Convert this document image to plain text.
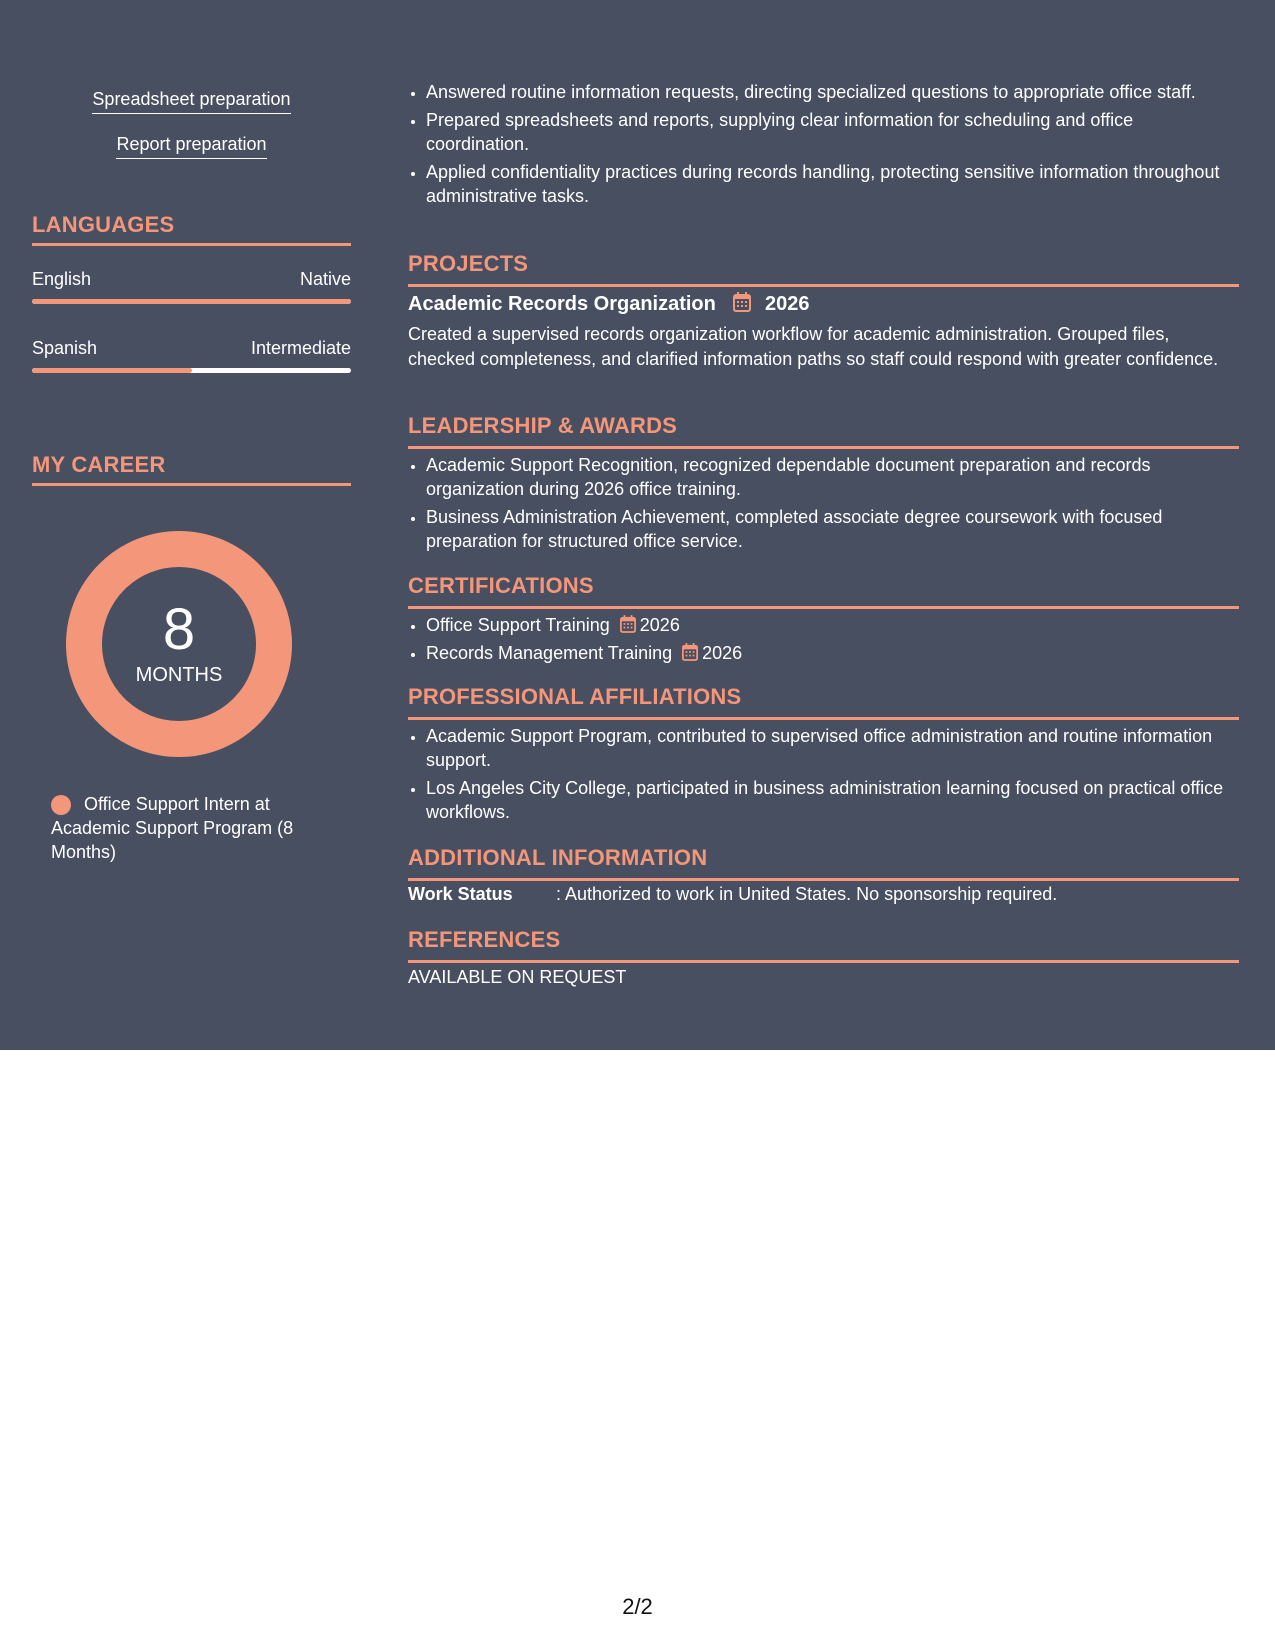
Spreadsheet preparation
Report preparation
LANGUAGES
English	Native
Spanish	Intermediate
MY CAREER
8
MONTHS
Office Support Intern at Academic Support Program (8 Months)
• Answered routine information requests, directing specialized questions to appropriate office staff.
• Prepared spreadsheets and reports, supplying clear information for scheduling and office coordination.
• Applied confidentiality practices during records handling, protecting sensitive information throughout administrative tasks.
PROJECTS
Academic Records Organization 2026
Created a supervised records organization workflow for academic administration. Grouped files, checked completeness, and clarified information paths so staff could respond with greater confidence.
LEADERSHIP & AWARDS
• Academic Support Recognition, recognized dependable document preparation and records organization during 2026 office training.
• Business Administration Achievement, completed associate degree coursework with focused preparation for structured office service.
CERTIFICATIONS
• Office Support Training 2026
• Records Management Training 2026
PROFESSIONAL AFFILIATIONS
• Academic Support Program, contributed to supervised office administration and routine information support.
• Los Angeles City College, participated in business administration learning focused on practical office workflows.
ADDITIONAL INFORMATION
Work Status : Authorized to work in United States. No sponsorship required.
REFERENCES
AVAILABLE ON REQUEST
2/2
